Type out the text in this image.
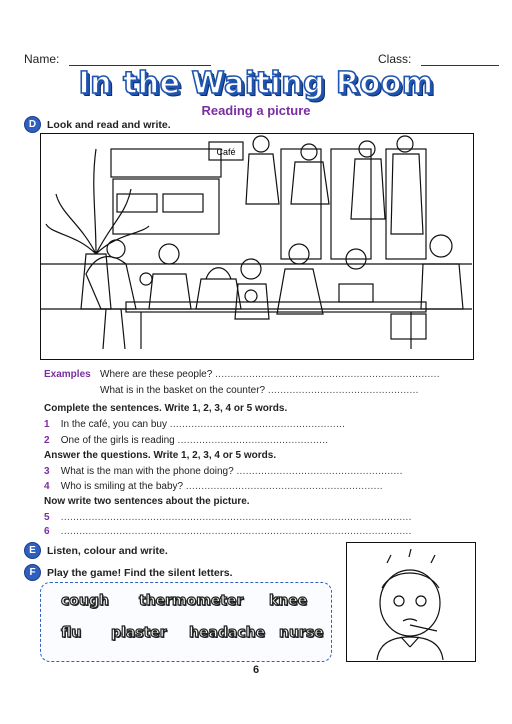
Name:	Class:
In the Waiting Room
Reading a picture
D	Look and read and write.
Café
Examples Where are these people? .........................................................................
What is in the basket on the counter? .................................................
Complete the sentences. Write 1, 2, 3, 4 or 5 words.
1 In the café, you can buy .........................................................
2 One of the girls is reading .................................................
Answer the questions. Write 1, 2, 3, 4 or 5 words.
3 What is the man with the phone doing? ......................................................
4 Who is smiling at the baby? ................................................................
Now write two sentences about the picture.
5 ..................................................................................................................
6 ..................................................................................................................
E	Listen, colour and write.
F	Play the game! Find the silent letters.
cough thermometer knee
flu plaster headache nurse
6
